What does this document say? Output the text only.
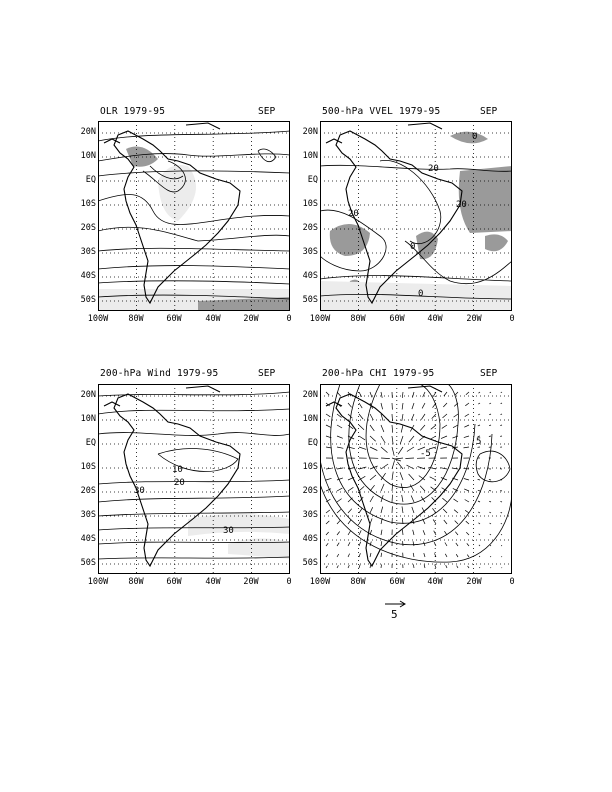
OLR 1979-95	SEP
20N
10N
EQ
10S
20S
30S
40S
50S
100W 80W	60W	40W	20W	0
500-hPa VVEL 1979-95	SEP
20
0
20
20
0
0
20N
10N
EQ
10S
20S
30S
40S
50S
100W 80W	60W	40W	20W	0
200-hPa Wind 1979-95	SEP
10
20
30
30
20N
10N
EQ
10S
20S
30S
40S
50S
100W 80W	60W	40W	20W	0
200-hPa CHI 1979-95	SEP
-5
5
20N
10N
EQ
10S
20S
30S
40S
50S
100W 80W	60W	40W	20W	0
5
